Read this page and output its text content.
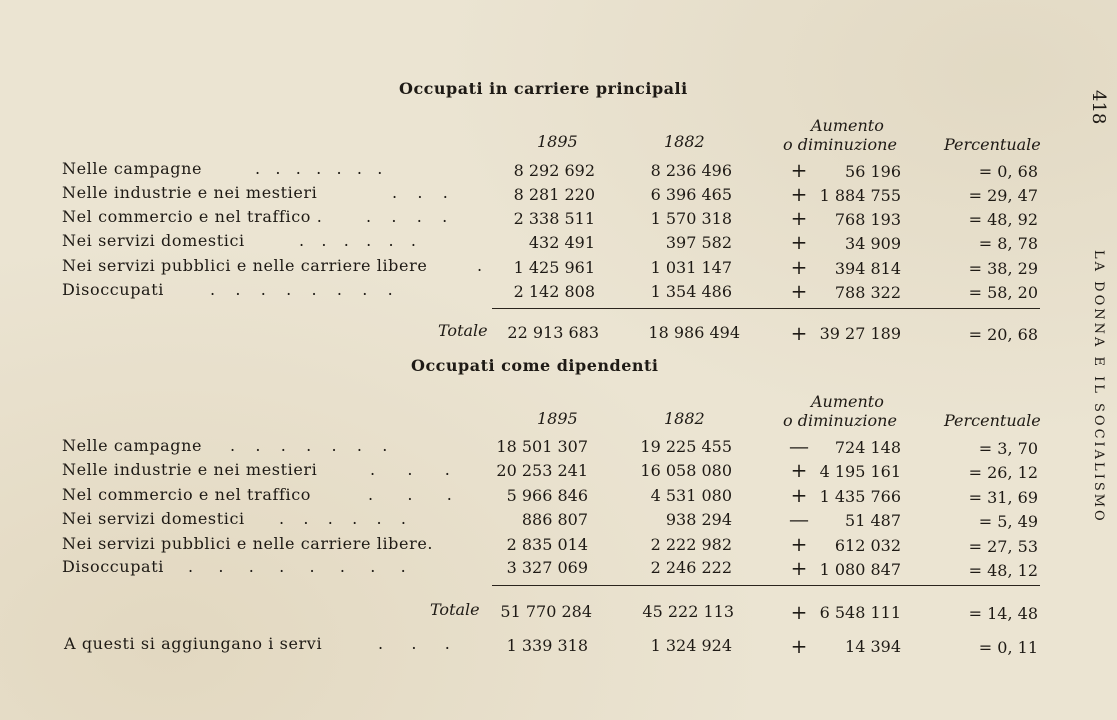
Occupati in carriere principali
1895	1882
Aumento
o diminuzione	Percentuale
Nelle campagne	. . . . . . .	8 292 692	8 236 496	+	56 196	= 0, 68
Nelle industrie e nei mestieri	. . .	8 281 220	6 396 465	+ 1 884 755	= 29, 47
Nel commercio e nel traffico .	. . . .	2 338 511	1 570 318	+	768 193	= 48, 92
Nei servizi domestici	. . . . . .	432 491	397 582	+	34 909	= 8, 78
Nei servizi pubblici e nelle carriere libere	.	1 425 961	1 031 147	+	394 814	= 38, 29
Disoccupati	. . . . . . . .	2 142 808	1 354 486	+	788 322	= 58, 20
Totale	22 913 683	18 986 494	+ 39 27 189	= 20, 68
Occupati come dipendenti
1895	1882
Aumento
o diminuzione	Percentuale
Nelle campagne . . . . . . .	18 501 307	19 225 455	—	724 148	= 3, 70
Nelle industrie e nei mestieri	. . .	20 253 241	16 058 080	+ 4 195 161	= 26, 12
Nel commercio e nel traffico	. . .	5 966 846	4 531 080	+ 1 435 766	= 31, 69
Nei servizi domestici . . . . . .	886 807	938 294	—	51 487	= 5, 49
Nei servizi pubblici e nelle carriere libere.	2 835 014	2 222 982	+	612 032	= 27, 53
Disoccupati . . . . . . . .	3 327 069	2 246 222	+ 1 080 847	= 48, 12
Totale	51 770 284	45 222 113	+ 6 548 111	= 14, 48
A questi si aggiungano i servi	. . .	1 339 318	1 324 924	+	14 394	= 0, 11
418
LA DONNA E IL SOCIALISMO
